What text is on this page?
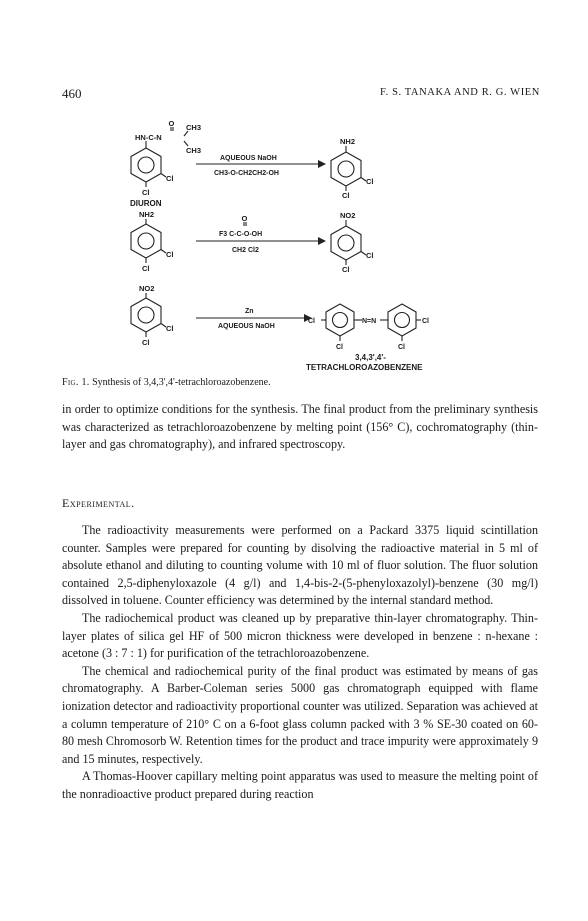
460	F. S. TANAKA AND R. G. WIEN
O
HN-C-N
CH3
CH3
Cl
Cl
DIURON
AQUEOUS NaOH
CH3-O-CH2CH2-OH
NH2
Cl
Cl
NH2
Cl
Cl
O
F3 C-C-O-OH
CH2 Cl2
NO2
Cl
Cl
NO2
Cl
Cl
Zn
AQUEOUS NaOH
Cl	N=N	Cl
Cl	Cl
3,4,3',4'-
TETRACHLOROAZOBENZENE
Fig. 1. Synthesis of 3,4,3',4'-tetrachloroazobenzene.

in order to optimize conditions for the synthesis. The final product from the preliminary synthesis was characterized as tetrachloroazobenzene by melting point (156° C), cochromatography (thin-layer and gas chromatography), and infrared spectroscopy.

Experimental.

The radioactivity measurements were performed on a Packard 3375 liquid scintillation counter. Samples were prepared for counting by disolving the radioactive material in 5 ml of absolute ethanol and diluting to counting volume with 10 ml of fluor solution. The fluor solution contained 2,5-diphenyloxazole (4 g/l) and 1,4-bis-2-(5-phenyloxazolyl)-benzene (30 mg/l) dissolved in toluene. Counter efficiency was determined by the internal standard method.

The radiochemical product was cleaned up by preparative thin-layer chromatography. Thin-layer plates of silica gel HF of 500 micron thickness were developed in benzene : n-hexane : acetone (3 : 7 : 1) for purification of the tetrachloroazobenzene.

The chemical and radiochemical purity of the final product was estimated by means of gas chromatography. A Barber-Coleman series 5000 gas chromatograph equipped with flame ionization detector and radioactivity proportional counter was utilized. Separation was achieved at a column temperature of 210° C on a 6-foot glass column packed with 3 % SE-30 coated on 60-80 mesh Chromosorb W. Retention times for the product and trace impurity were approximately 9 and 15 minutes, respectively.

A Thomas-Hoover capillary melting point apparatus was used to measure the melting point of the nonradioactive product prepared during reaction
